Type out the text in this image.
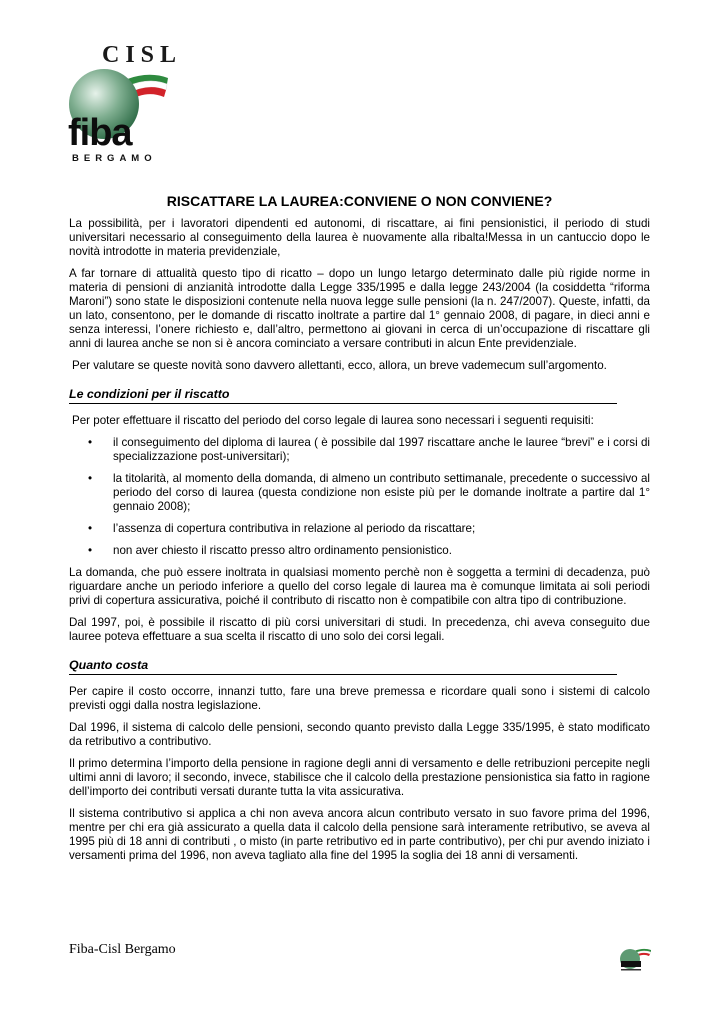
CISL
fiba
BERGAMO
RISCATTARE LA LAUREA:CONVIENE O NON CONVIENE?

La possibilità, per i lavoratori dipendenti ed autonomi, di riscattare, ai fini pensionistici, il periodo di studi universitari necessario al conseguimento della laurea è nuovamente alla ribalta!Messa in un cantuccio dopo le novità introdotte in materia previdenziale,

A far tornare di attualità questo tipo di ricatto – dopo un lungo letargo determinato dalle più rigide norme in materia di pensioni di anzianità introdotte dalla Legge 335/1995 e dalla legge 243/2004 (la cosiddetta “riforma Maroni”) sono state le disposizioni contenute nella nuova legge sulle pensioni (la n. 247/2007). Queste, infatti, da un lato, consentono, per le domande di riscatto inoltrate a partire dal 1° gennaio 2008, di pagare, in dieci anni e senza interessi, l’onere richiesto e, dall’altro, permettono ai giovani in cerca di un’occupazione di riscattare gli anni di laurea anche se non si è ancora cominciato a versare contributi in alcun Ente previdenziale.

Per valutare se queste novità sono davvero allettanti, ecco, allora, un breve vademecum sull’argomento.

Le condizioni per il riscatto

Per poter effettuare il riscatto del periodo del corso legale di laurea sono necessari i seguenti requisiti:

• il conseguimento del diploma di laurea ( è possibile dal 1997 riscattare anche le lauree “brevi” e i corsi di specializzazione post-universitari);
• la titolarità, al momento della domanda, di almeno un contributo settimanale, precedente o successivo al periodo del corso di laurea (questa condizione non esiste più per le domande inoltrate a partire dal 1° gennaio 2008);
• l’assenza di copertura contributiva in relazione al periodo da riscattare;
• non aver chiesto il riscatto presso altro ordinamento pensionistico.

La domanda, che può essere inoltrata in qualsiasi momento perchè non è soggetta a termini di decadenza, può riguardare anche un periodo inferiore a quello del corso legale di laurea ma è comunque limitata ai soli periodi privi di copertura assicurativa, poiché il contributo di riscatto non è compatibile con altra tipo di contribuzione.

Dal 1997, poi, è possibile il riscatto di più corsi universitari di studi. In precedenza, chi aveva conseguito due lauree poteva effettuare a sua scelta il riscatto di uno solo dei corsi legali.

Quanto costa

Per capire il costo occorre, innanzi tutto, fare una breve premessa e ricordare quali sono i sistemi di calcolo previsti oggi dalla nostra legislazione.

Dal 1996, il sistema di calcolo delle pensioni, secondo quanto previsto dalla Legge 335/1995, è stato modificato da retributivo a contributivo.

Il primo determina l’importo della pensione in ragione degli anni di versamento e delle retribuzioni percepite negli ultimi anni di lavoro; il secondo, invece, stabilisce che il calcolo della prestazione pensionistica sia fatto in ragione dell’importo dei contributi versati durante tutta la vita assicurativa.

Il sistema contributivo si applica a chi non aveva ancora alcun contributo versato in suo favore prima del 1996, mentre per chi era già assicurato a quella data il calcolo della pensione sarà interamente retributivo, se aveva al 1995 più di 18 anni di contributi , o misto (in parte retributivo ed in parte contributivo), per chi pur avendo iniziato i versamenti prima del 1996, non aveva tagliato alla fine del 1995 la soglia dei 18 anni di versamenti.

Fiba-Cisl Bergamo
